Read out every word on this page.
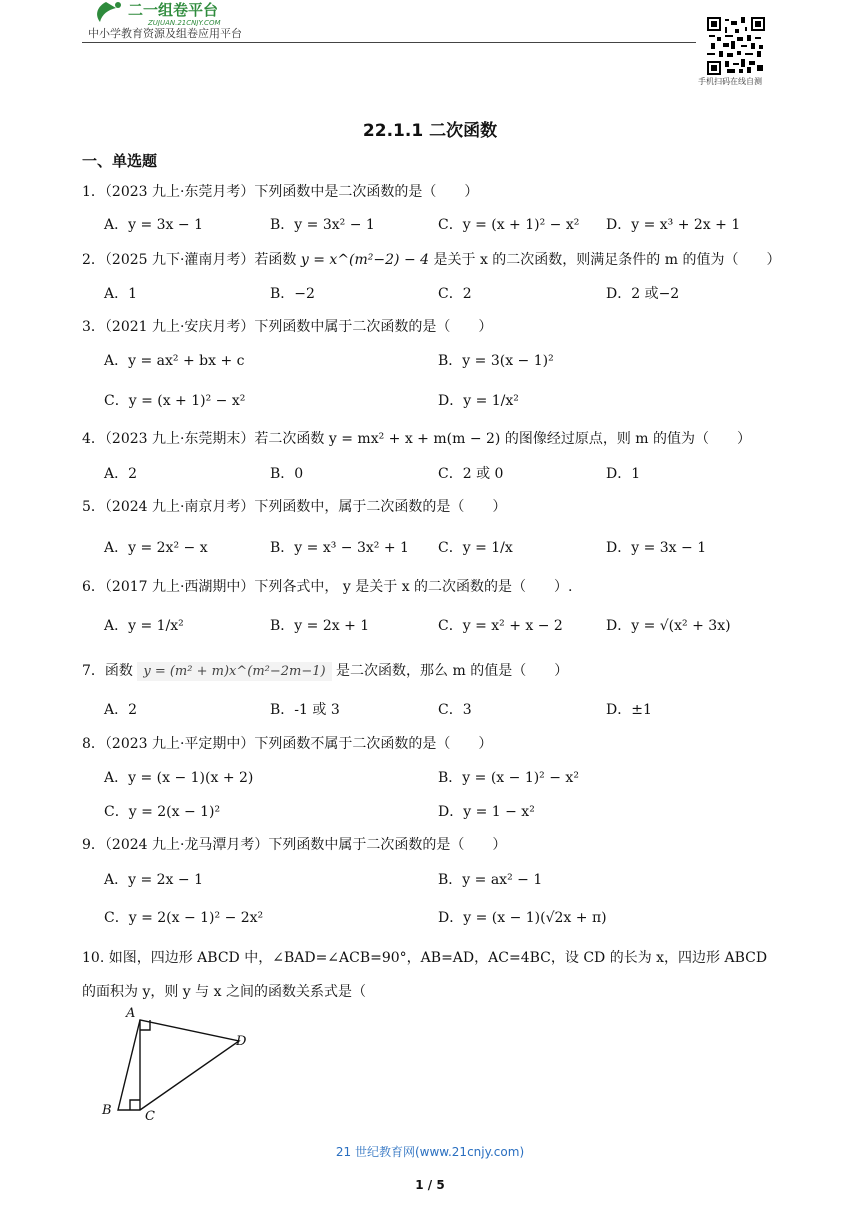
二一组卷平台
ZUJUAN.21CNJY.COM
中小学教育资源及组卷应用平台
手机扫码在线自测
22.1.1 二次函数
一、单选题
1．（2023 九上·东莞月考）下列函数中是二次函数的是（　　）
A．y = 3x − 1	B．y = 3x² − 1	C．y = (x + 1)² − x² D．y = x³ + 2x + 1
2．（2025 九下·灌南月考）若函数 y = x^(m²−2) − 4 是关于 x 的二次函数，则满足条件的 m 的值为（　　）
A．1	B．−2	C．2	D．2 或−2
3．（2021 九上·安庆月考）下列函数中属于二次函数的是（　　）
A．y = ax² + bx + c	B．y = 3(x − 1)²
C．y = (x + 1)² − x²	D．y = 1/x²
4．（2023 九上·东莞期末）若二次函数 y = mx² + x + m(m − 2) 的图像经过原点，则 m 的值为（　　）
A．2	B．0	C．2 或 0	D．1
5．（2024 九上·南京月考）下列函数中，属于二次函数的是（　　）
A．y = 2x² − x	B．y = x³ − 3x² + 1 C．y = 1/x	D．y = 3x − 1
6．（2017 九上·西湖期中）下列各式中， y 是关于 x 的二次函数的是（　　）.
A．y = 1/x²	B．y = 2x + 1	C．y = x² + x − 2	D．y = √(x² + 3x)
7．函数 y = (m² + m)x^(m²−2m−1) 是二次函数，那么 m 的值是（　　）
A．2	B．-1 或 3	C．3	D．±1
8．（2023 九上·平定期中）下列函数不属于二次函数的是（　　）
A．y = (x − 1)(x + 2)	B．y = (x − 1)² − x²
C．y = 2(x − 1)²	D．y = 1 − x²
9．（2024 九上·龙马潭月考）下列函数中属于二次函数的是（　　）
A．y = 2x − 1	B．y = ax² − 1
C．y = 2(x − 1)² − 2x²	D．y = (x − 1)(√2x + π)
10. 如图，四边形 ABCD 中，∠BAD=∠ACB=90°，AB=AD，AC=4BC，设 CD 的长为 x，四边形 ABCD
的面积为 y，则 y 与 x 之间的函数关系式是（
A
B	C
D
21 世纪教育网(www.21cnjy.com)
1 / 5
